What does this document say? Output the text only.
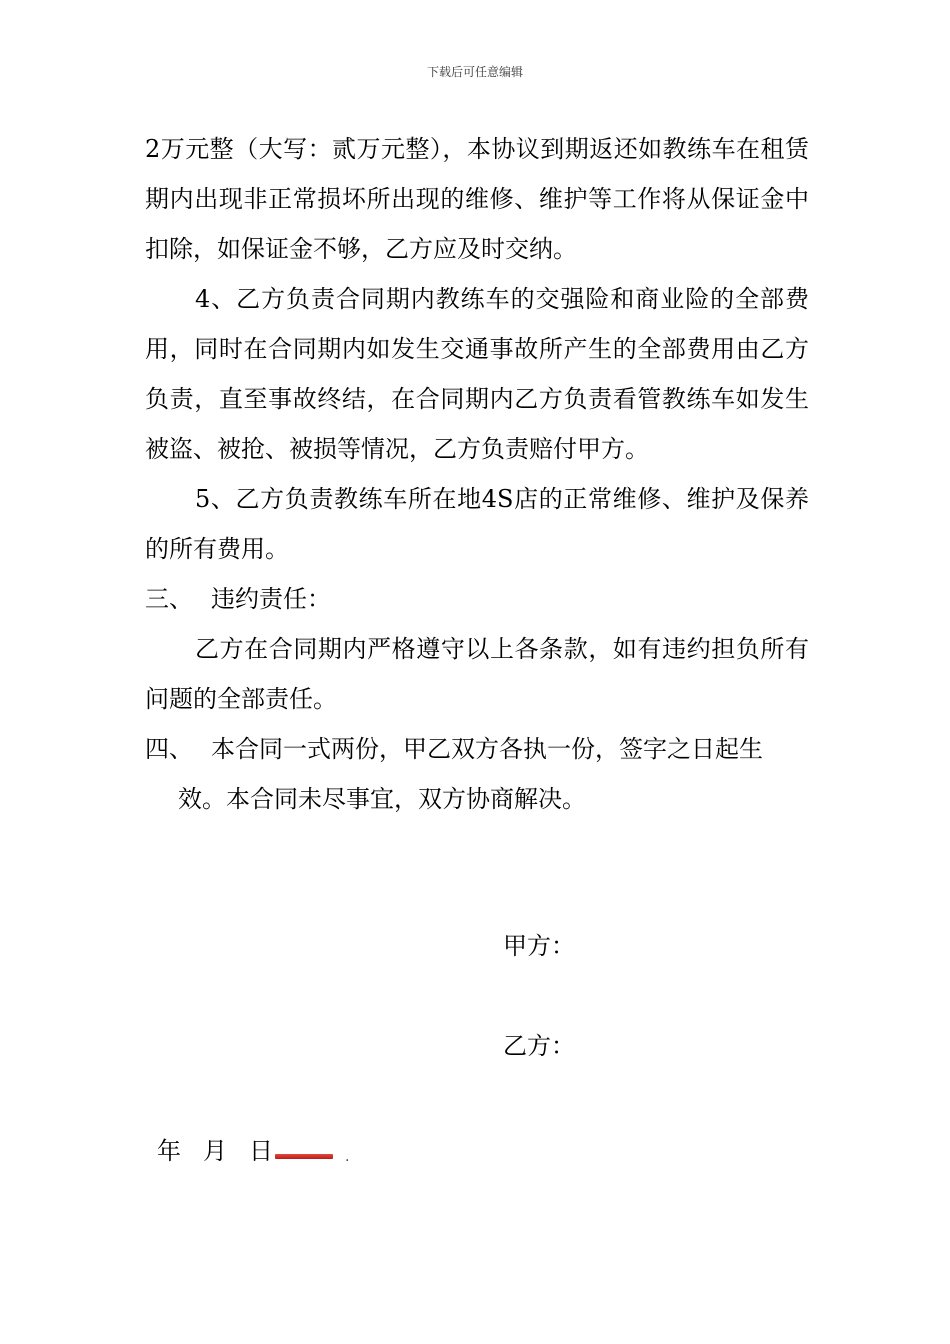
下载后可任意编辑

2万元整（大写：贰万元整），本协议到期返还如教练车在租赁期内出现非正常损坏所出现的维修、维护等工作将从保证金中扣除，如保证金不够，乙方应及时交纳。

4、乙方负责合同期内教练车的交强险和商业险的全部费用，同时在合同期内如发生交通事故所产生的全部费用由乙方负责，直至事故终结，在合同期内乙方负责看管教练车如发生被盗、被抢、被损等情况，乙方负责赔付甲方。

5、乙方负责教练车所在地4S店的正常维修、维护及保养的所有费用。

三、 违约责任：

乙方在合同期内严格遵守以上各条款，如有违约担负所有问题的全部责任。

四、 本合同一式两份，甲乙双方各执一份，签字之日起生

效。本合同未尽事宜，双方协商解决。

甲方：
乙方：
年 月 日	.
